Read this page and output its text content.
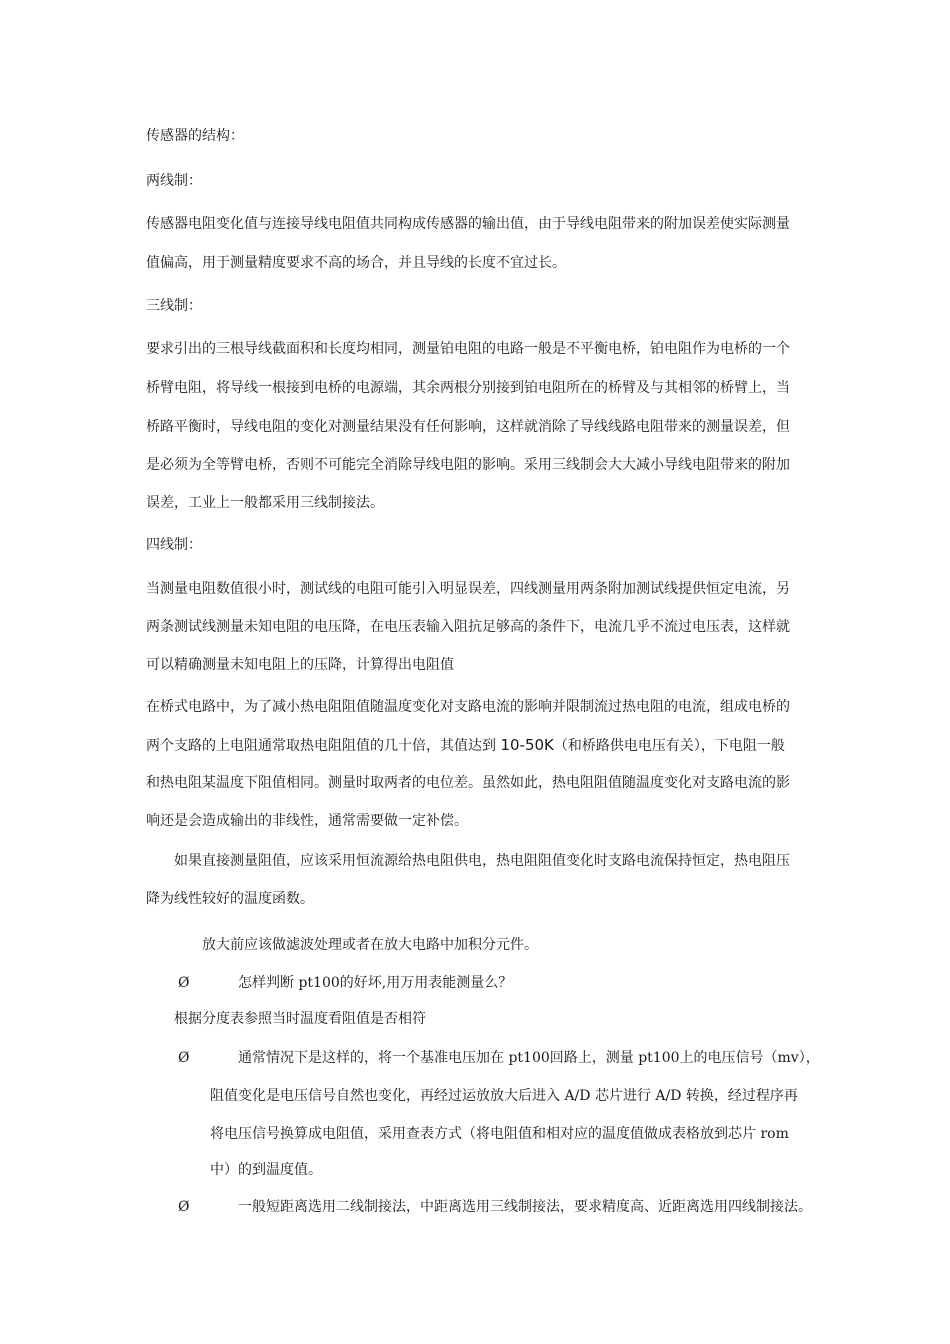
传感器的结构：
两线制：
传感器电阻变化值与连接导线电阻值共同构成传感器的输出值，由于导线电阻带来的附加误差使实际测量
值偏高，用于测量精度要求不高的场合，并且导线的长度不宜过长。
三线制：
要求引出的三根导线截面积和长度均相同，测量铂电阻的电路一般是不平衡电桥，铂电阻作为电桥的一个
桥臂电阻，将导线一根接到电桥的电源端，其余两根分别接到铂电阻所在的桥臂及与其相邻的桥臂上，当
桥路平衡时，导线电阻的变化对测量结果没有任何影响，这样就消除了导线线路电阻带来的测量误差，但
是必须为全等臂电桥，否则不可能完全消除导线电阻的影响。采用三线制会大大减小导线电阻带来的附加
误差，工业上一般都采用三线制接法。
四线制：
当测量电阻数值很小时，测试线的电阻可能引入明显误差，四线测量用两条附加测试线提供恒定电流，另
两条测试线测量未知电阻的电压降，在电压表输入阻抗足够高的条件下，电流几乎不流过电压表，这样就
可以精确测量未知电阻上的压降，计算得出电阻值
在桥式电路中，为了减小热电阻阻值随温度变化对支路电流的影响并限制流过热电阻的电流，组成电桥的
两个支路的上电阻通常取热电阻阻值的几十倍，其值达到 10-50K（和桥路供电电压有关），下电阻一般
和热电阻某温度下阻值相同。测量时取两者的电位差。虽然如此，热电阻阻值随温度变化对支路电流的影
响还是会造成输出的非线性，通常需要做一定补偿。
如果直接测量阻值，应该采用恒流源给热电阻供电，热电阻阻值变化时支路电流保持恒定，热电阻压
降为线性较好的温度函数。
放大前应该做滤波处理或者在放大电路中加积分元件。
Ø	怎样判断 pt100的好坏,用万用表能测量么？
根据分度表参照当时温度看阻值是否相符
Ø	通常情况下是这样的，将一个基准电压加在 pt100回路上，测量 pt100上的电压信号（mv），
阻值变化是电压信号自然也变化，再经过运放放大后进入 A/D 芯片进行 A/D 转换，经过程序再
将电压信号换算成电阻值，采用查表方式（将电阻值和相对应的温度值做成表格放到芯片 rom
中）的到温度值。
Ø	一般短距离选用二线制接法，中距离选用三线制接法，要求精度高、近距离选用四线制接法。
